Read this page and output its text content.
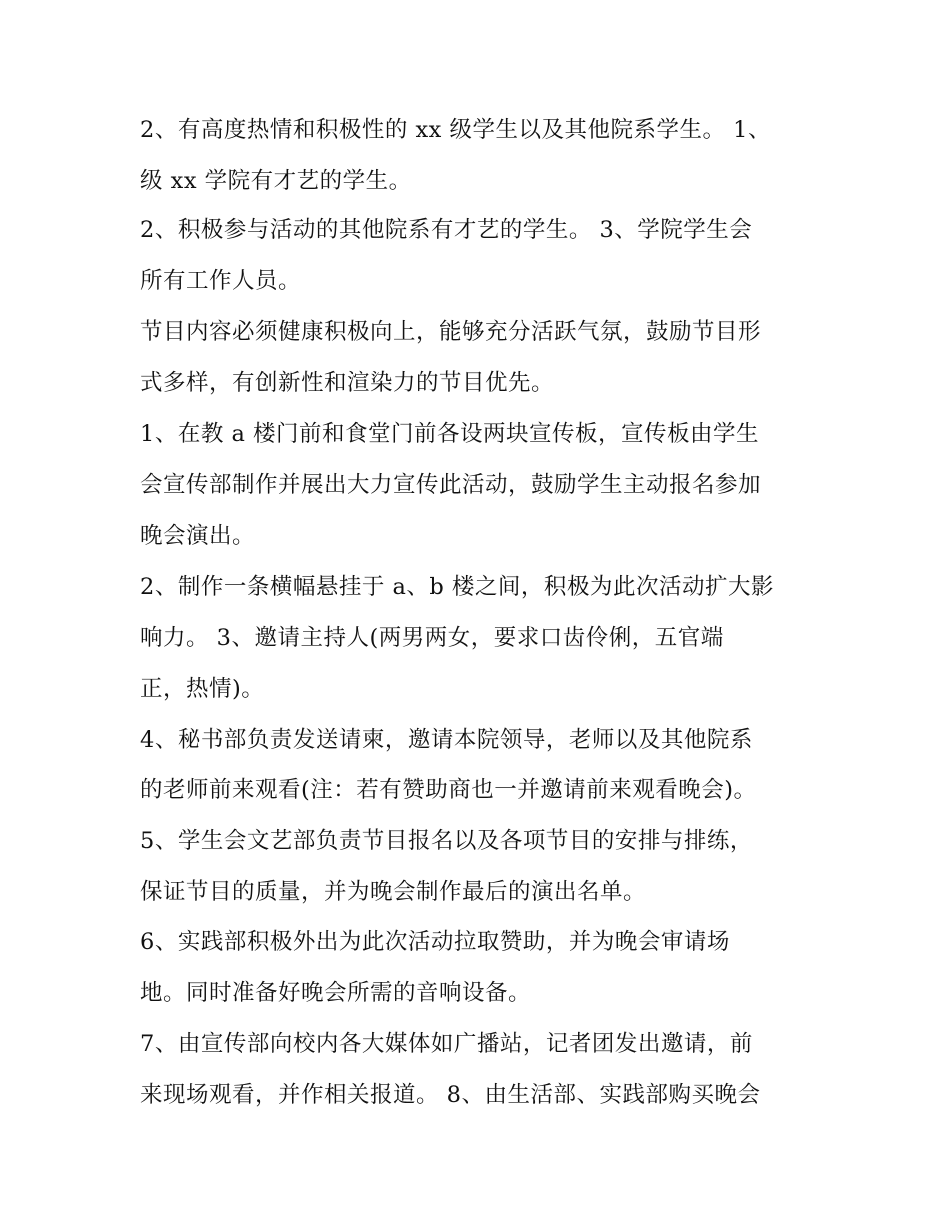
2、有高度热情和积极性的 xx 级学生以及其他院系学生。 1、
级 xx 学院有才艺的学生。
2、积极参与活动的其他院系有才艺的学生。 3、学院学生会
所有工作人员。
节目内容必须健康积极向上，能够充分活跃气氛，鼓励节目形
式多样，有创新性和渲染力的节目优先。
1、在教 a 楼门前和食堂门前各设两块宣传板，宣传板由学生
会宣传部制作并展出大力宣传此活动，鼓励学生主动报名参加
晚会演出。
2、制作一条横幅悬挂于 a、b 楼之间，积极为此次活动扩大影
响力。 3、邀请主持人(两男两女，要求口齿伶俐，五官端
正，热情)。
4、秘书部负责发送请柬，邀请本院领导，老师以及其他院系
的老师前来观看(注：若有赞助商也一并邀请前来观看晚会)。
5、学生会文艺部负责节目报名以及各项节目的安排与排练，
保证节目的质量，并为晚会制作最后的演出名单。
6、实践部积极外出为此次活动拉取赞助，并为晚会审请场
地。同时准备好晚会所需的音响设备。
7、由宣传部向校内各大媒体如广播站，记者团发出邀请，前
来现场观看，并作相关报道。 8、由生活部、实践部购买晚会
